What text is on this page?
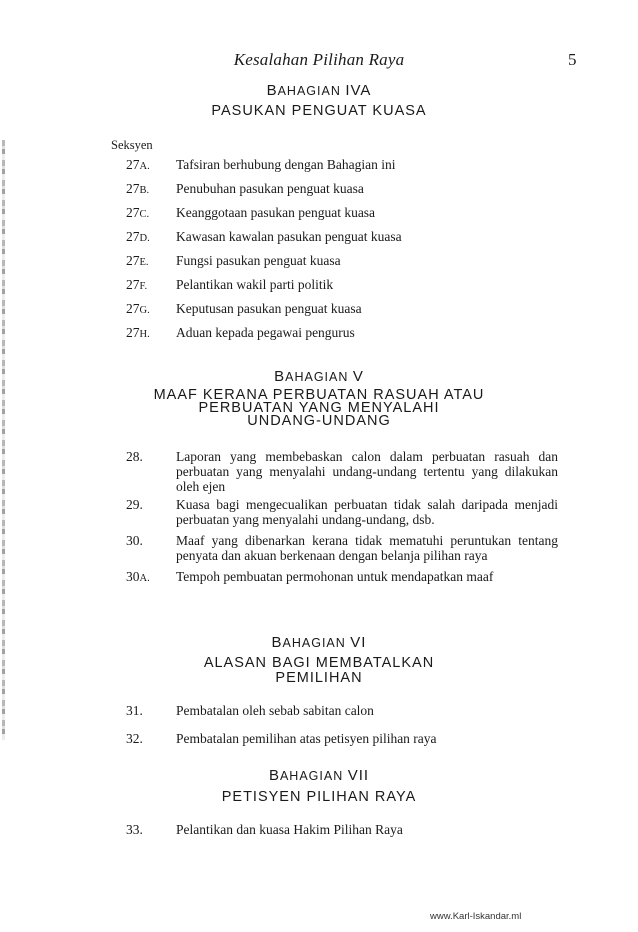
Kesalahan Pilihan Raya	5
BAHAGIAN IVA
PASUKAN PENGUAT KUASA
Seksyen
27A. Tafsiran berhubung dengan Bahagian ini
27B. Penubuhan pasukan penguat kuasa
27C. Keanggotaan pasukan penguat kuasa
27D. Kawasan kawalan pasukan penguat kuasa
27E. Fungsi pasukan penguat kuasa
27F. Pelantikan wakil parti politik
27G. Keputusan pasukan penguat kuasa
27H. Aduan kepada pegawai pengurus
BAHAGIAN V
MAAF KERANA PERBUATAN RASUAH ATAU
PERBUATAN YANG MENYALAHI
UNDANG-UNDANG
28. Laporan yang membebaskan calon dalam perbuatan rasuah dan perbuatan yang menyalahi undang-undang tertentu yang dilakukan oleh ejen
29. Kuasa bagi mengecualikan perbuatan tidak salah daripada menjadi perbuatan yang menyalahi undang-undang, dsb.
30. Maaf yang dibenarkan kerana tidak mematuhi peruntukan tentang penyata dan akuan berkenaan dengan belanja pilihan raya
30A. Tempoh pembuatan permohonan untuk mendapatkan maaf
BAHAGIAN VI
ALASAN BAGI MEMBATALKAN
PEMILIHAN
31. Pembatalan oleh sebab sabitan calon
32. Pembatalan pemilihan atas petisyen pilihan raya
BAHAGIAN VII
PETISYEN PILIHAN RAYA
33. Pelantikan dan kuasa Hakim Pilihan Raya
www.Karl-Iskandar.ml
